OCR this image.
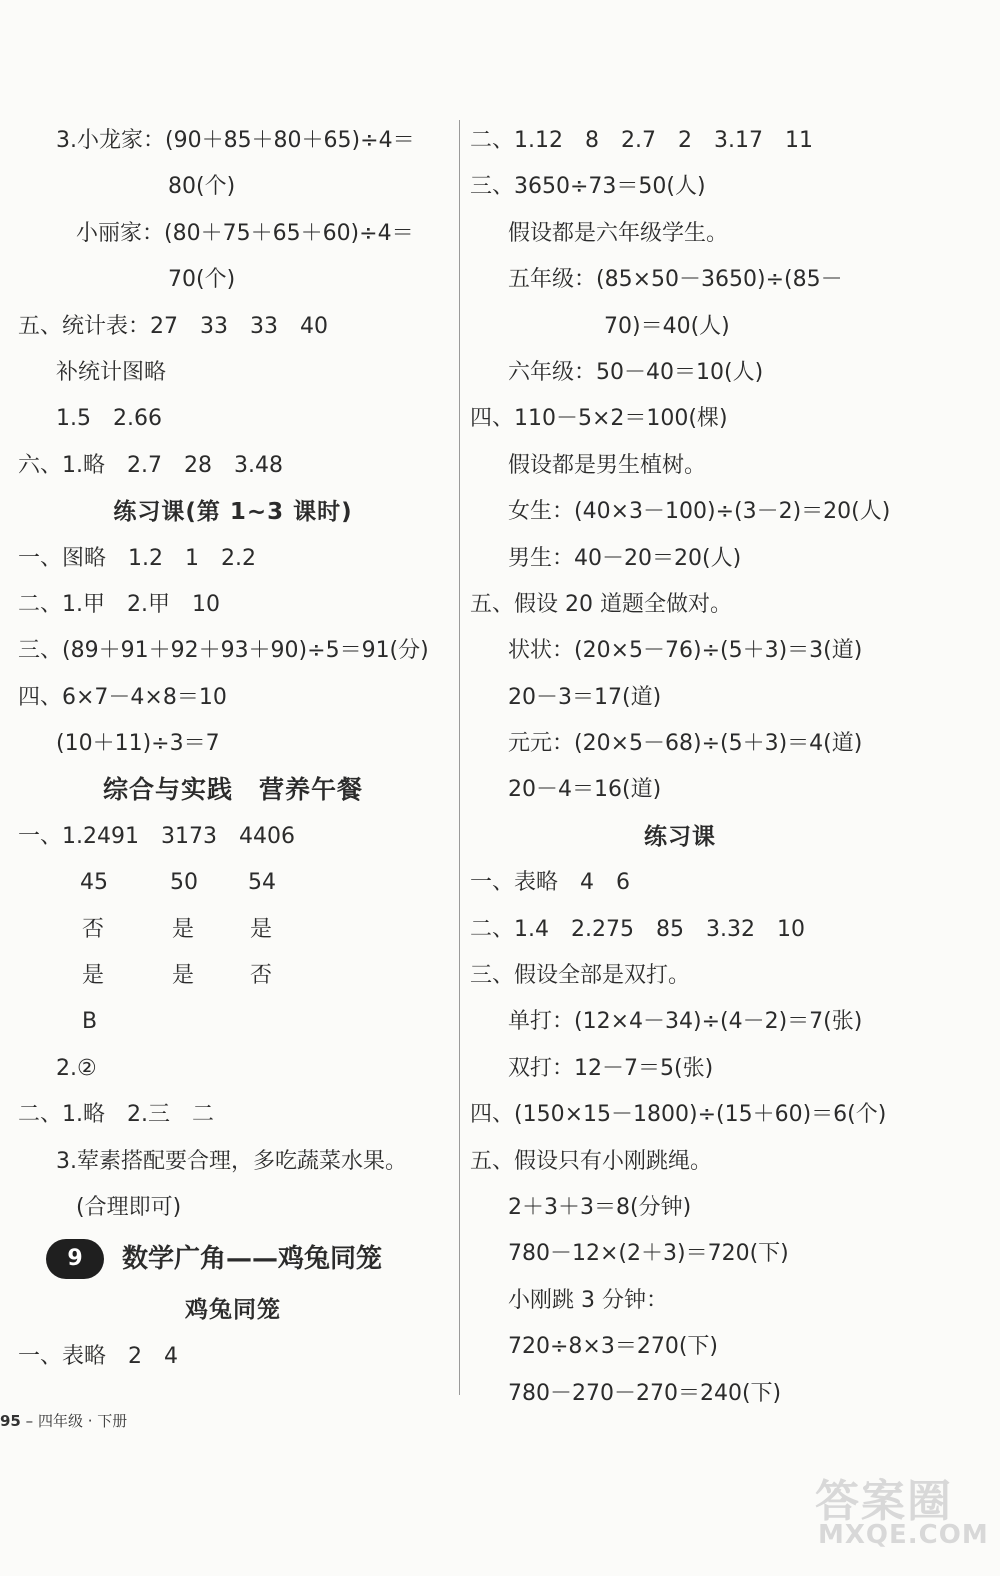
3.小龙家：(90＋85＋80＋65)÷4＝
80(个)
小丽家：(80＋75＋65＋60)÷4＝
70(个)
五、统计表：27　33　33　40
补统计图略
1.5　2.66
六、1.略　2.7　28　3.48
练习课(第 1~3 课时)
一、图略　1.2　1　2.2
二、1.甲　2.甲　10
三、(89＋91＋92＋93＋90)÷5＝91(分)
四、6×7－4×8＝10
(10＋11)÷3＝7
综合与实践　营养午餐
一、1.2491　3173　4406
45	50 54
否	是	是
是	是	否
B
2.②
二、1.略　2.三　二
3.荤素搭配要合理，多吃蔬菜水果。
(合理即可)
9	数学广角——鸡兔同笼
鸡兔同笼
一、表略　2　4
二、1.12　8　2.7　2　3.17　11
三、3650÷73＝50(人)
假设都是六年级学生。
五年级：(85×50－3650)÷(85－
70)＝40(人)
六年级：50－40＝10(人)
四、110－5×2＝100(棵)
假设都是男生植树。
女生：(40×3－100)÷(3－2)＝20(人)
男生：40－20＝20(人)
五、假设 20 道题全做对。
状状：(20×5－76)÷(5＋3)＝3(道)
20－3＝17(道)
元元：(20×5－68)÷(5＋3)＝4(道)
20－4＝16(道)
练习课
一、表略　4　6
二、1.4　2.275　85　3.32　10
三、假设全部是双打。
单打：(12×4－34)÷(4－2)＝7(张)
双打：12－7＝5(张)
四、(150×15－1800)÷(15＋60)＝6(个)
五、假设只有小刚跳绳。
2＋3＋3＝8(分钟)
780－12×(2＋3)＝720(下)
小刚跳 3 分钟：
720÷8×3＝270(下)
780－270－270＝240(下)
95 – 四年级 · 下册
答案圈
MXQE.COM
